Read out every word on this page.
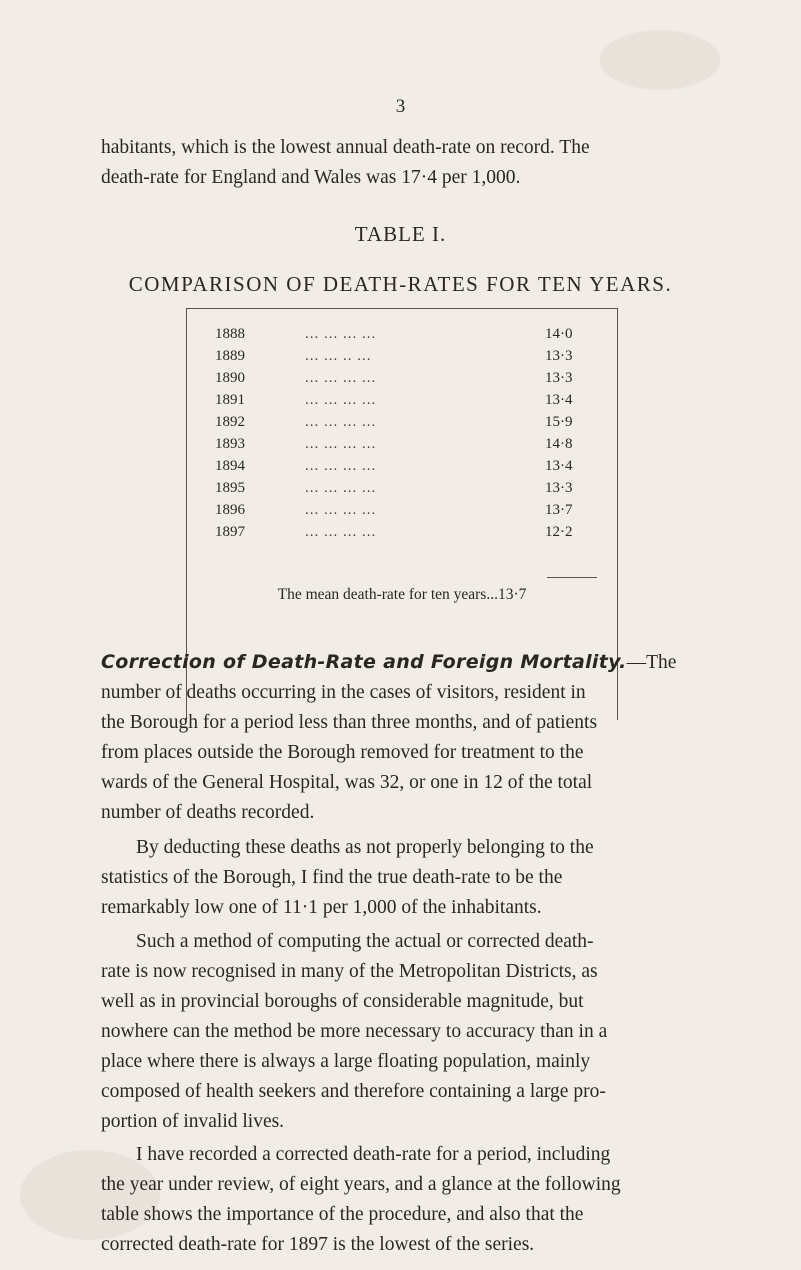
3
habitants, which is the lowest annual death-rate on record. The
death-rate for England and Wales was 17·4 per 1,000.
TABLE I.
COMPARISON OF DEATH-RATES FOR TEN YEARS.
1888	... ... ... ...	14·0
1889	... ... .. ...	13·3
1890	... ... ... ...	13·3
1891	... ... ... ...	13·4
1892	... ... ... ...	15·9
1893	... ... ... ...	14·8
1894	... ... ... ...	13·4
1895	... ... ... ...	13·3
1896	... ... ... ...	13·7
1897	... ... ... ...	12·2
The mean death-rate for ten years...13·7
Correction of Death-Rate and Foreign Mortality.—The
number of deaths occurring in the cases of visitors, resident in
the Borough for a period less than three months, and of patients
from places outside the Borough removed for treatment to the
wards of the General Hospital, was 32, or one in 12 of the total
number of deaths recorded.
By deducting these deaths as not properly belonging to the
statistics of the Borough, I find the true death-rate to be the
remarkably low one of 11·1 per 1,000 of the inhabitants.
Such a method of computing the actual or corrected death-
rate is now recognised in many of the Metropolitan Districts, as
well as in provincial boroughs of considerable magnitude, but
nowhere can the method be more necessary to accuracy than in a
place where there is always a large floating population, mainly
composed of health seekers and therefore containing a large pro-
portion of invalid lives.
I have recorded a corrected death-rate for a period, including
the year under review, of eight years, and a glance at the following
table shows the importance of the procedure, and also that the
corrected death-rate for 1897 is the lowest of the series.
